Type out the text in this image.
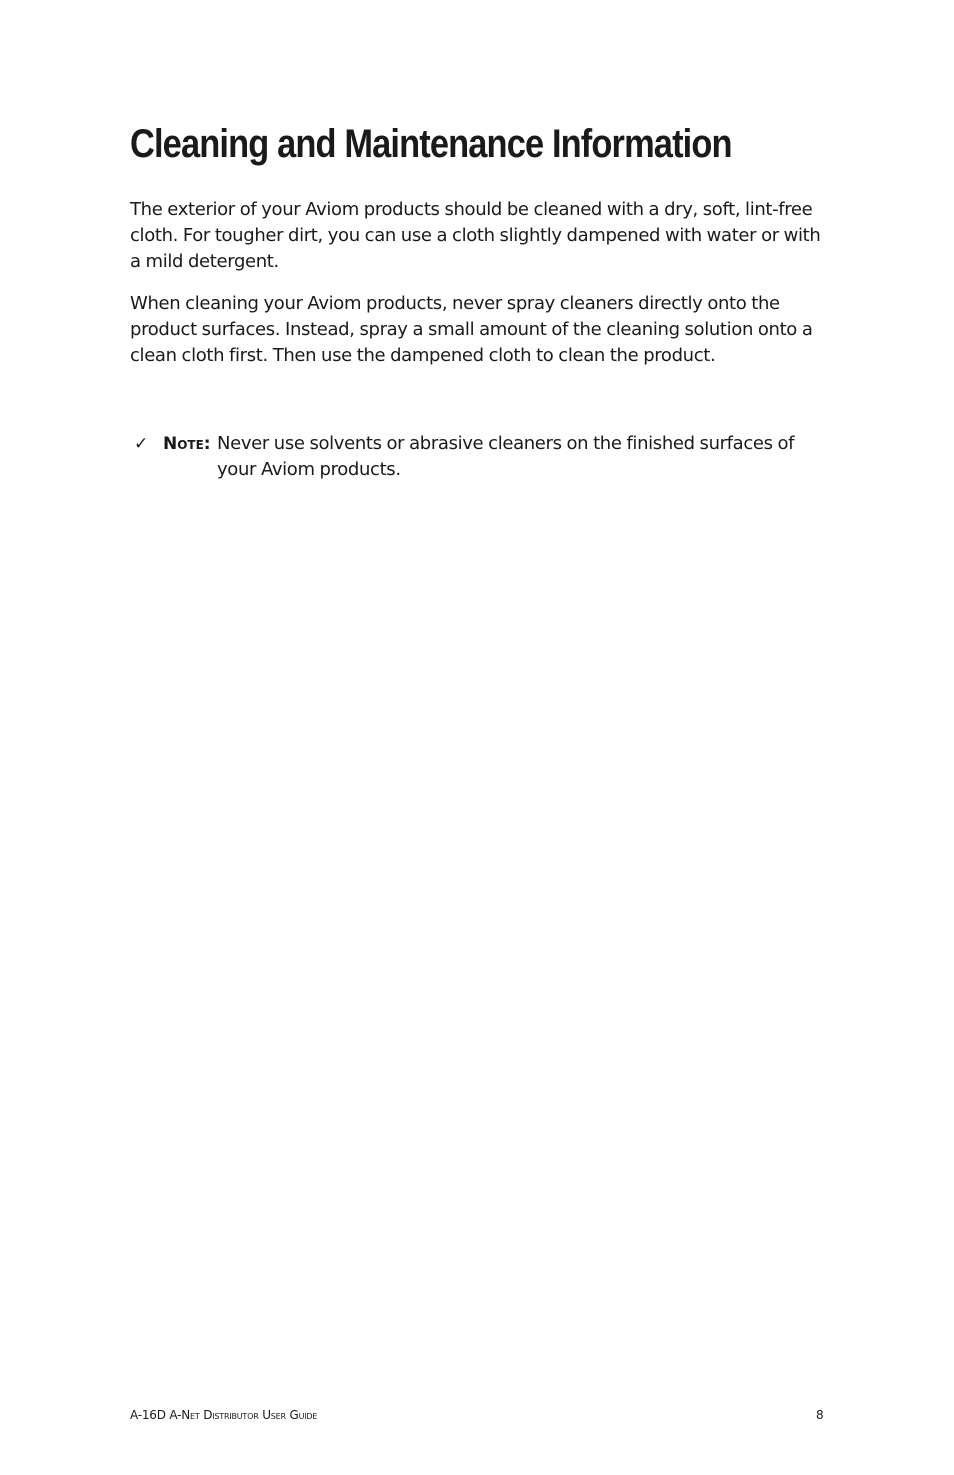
Cleaning and Maintenance Information

The exterior of your Aviom products should be cleaned with a dry, soft, lint-free cloth. For tougher dirt, you can use a cloth slightly dampened with water or with a mild detergent.

When cleaning your Aviom products, never spray cleaners directly onto the product surfaces. Instead, spray a small amount of the cleaning solution onto a clean cloth first. Then use the dampened cloth to clean the product.

✓ Note: Never use solvents or abrasive cleaners on the finished surfaces of your Aviom products.
A-16D A-Net Distributor User Guide	8
